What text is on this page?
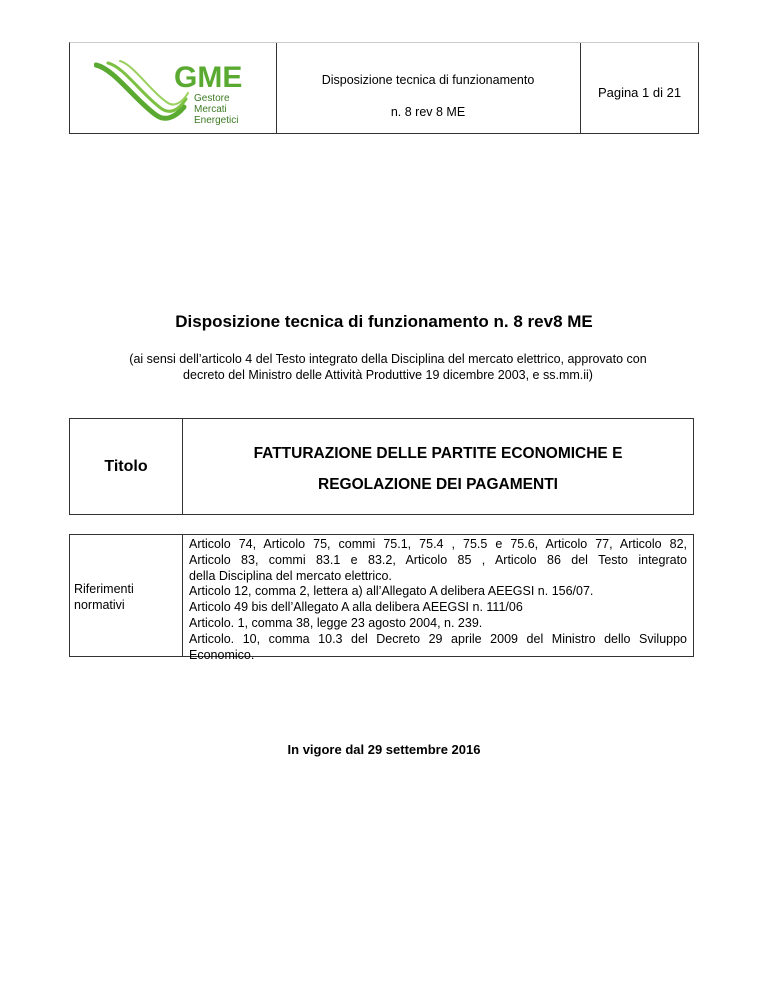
GME
Gestore
Mercati
Energetici
Disposizione tecnica di funzionamento
n. 8 rev 8 ME
Pagina 1 di 21
Disposizione tecnica di funzionamento n. 8 rev8 ME
(ai sensi dell’articolo 4 del Testo integrato della Disciplina del mercato elettrico, approvato con
decreto del Ministro delle Attività Produttive 19 dicembre 2003, e ss.mm.ii)
Titolo
FATTURAZIONE DELLE PARTITE ECONOMICHE E
REGOLAZIONE DEI PAGAMENTI
Riferimenti
normativi
Articolo 74, Articolo 75, commi 75.1, 75.4 , 75.5 e 75.6, Articolo 77, Articolo 82,
Articolo 83, commi 83.1 e 83.2, Articolo 85 , Articolo 86 del Testo integrato
della Disciplina del mercato elettrico.
Articolo 12, comma 2, lettera a) all’Allegato A delibera AEEGSI n. 156/07.
Articolo 49 bis dell’Allegato A alla delibera AEEGSI n. 111/06
Articolo. 1, comma 38, legge 23 agosto 2004, n. 239.
Articolo. 10, comma 10.3 del Decreto 29 aprile 2009 del Ministro dello Sviluppo
Economico.
In vigore dal 29 settembre 2016
